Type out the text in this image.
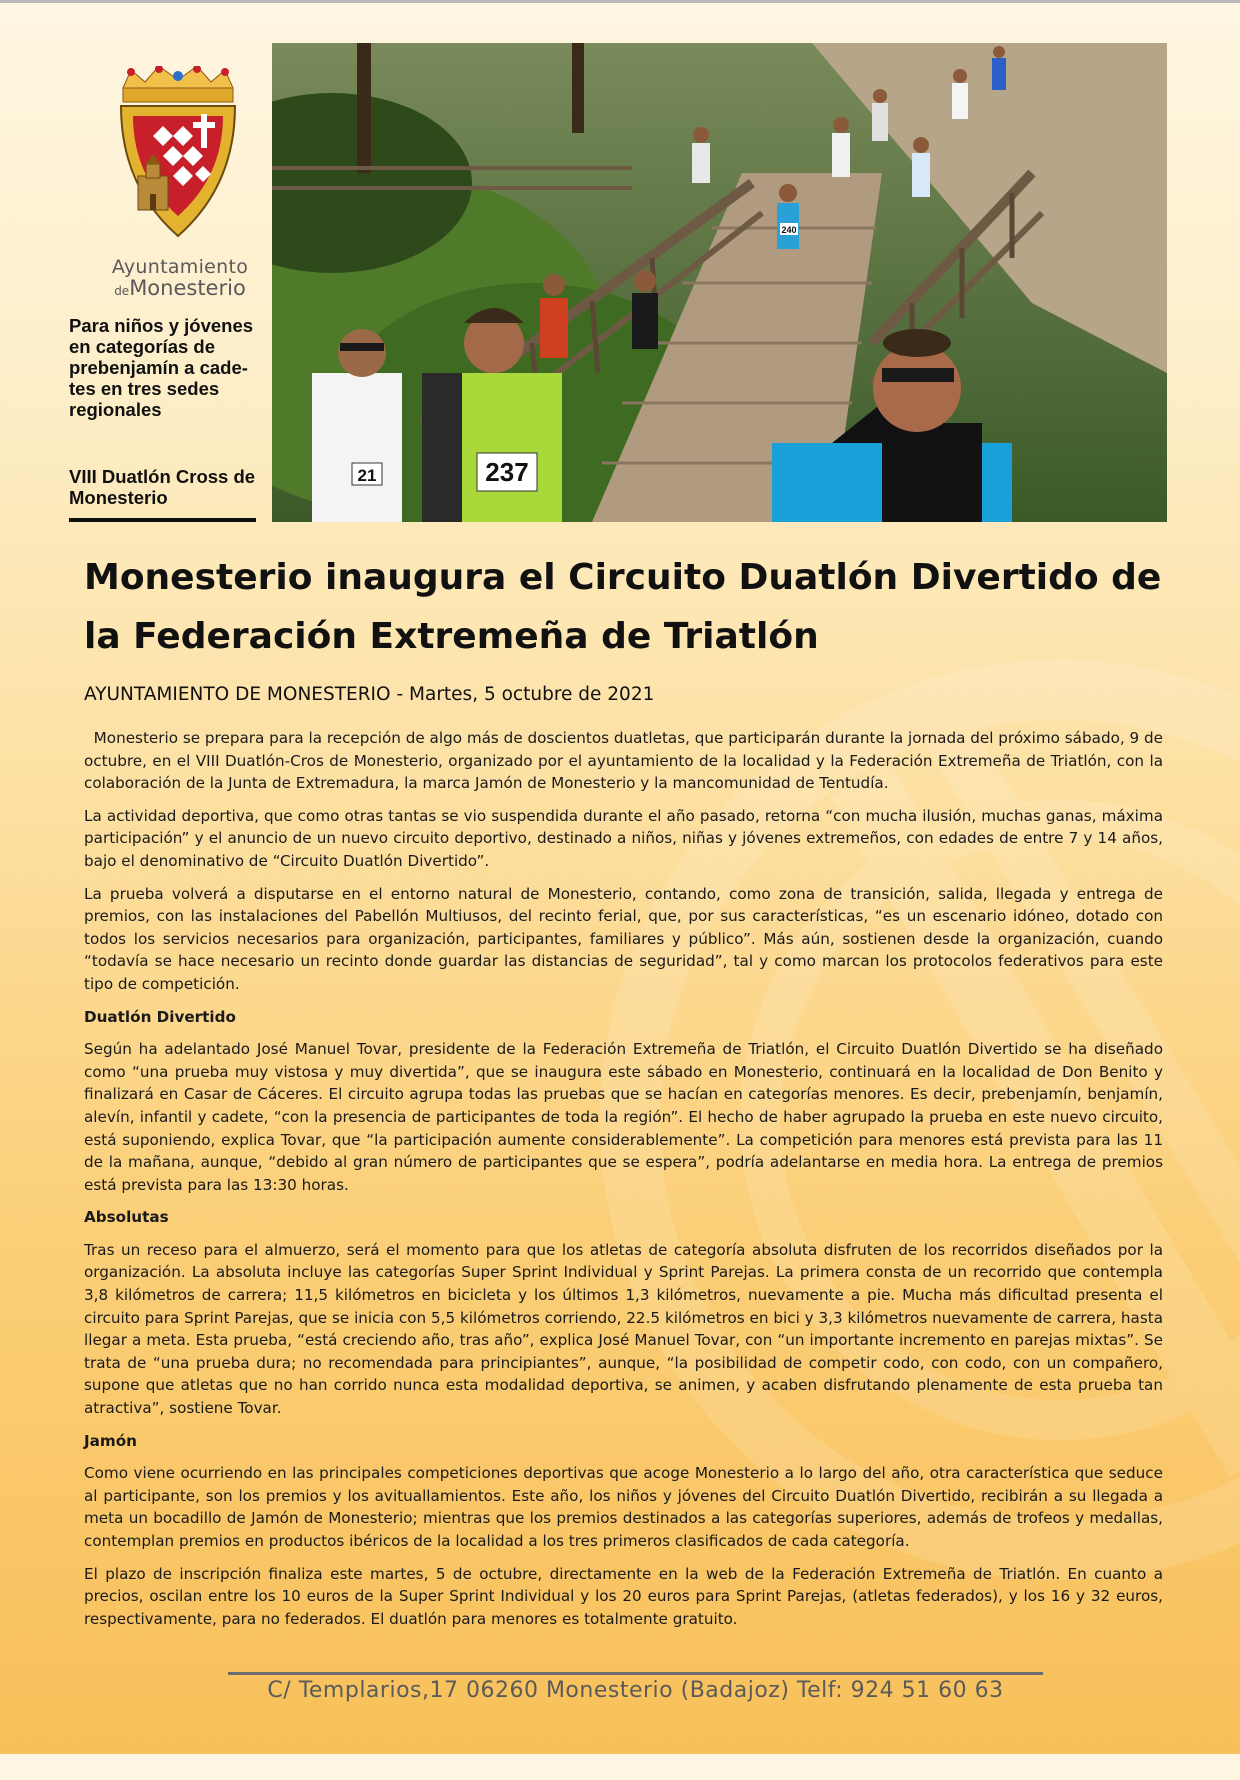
Ayuntamiento
deMonesterio
Para niños y jóvenes en categorías de prebenjamín a cade-tes en tres sedes regionales
VIII Duatlón Cross de Monesterio
240
21	237
Monesterio inaugura el Circuito Duatlón Divertido de la Federación Extremeña de Triatlón
AYUNTAMIENTO DE MONESTERIO - Martes, 5 octubre de 2021

Monesterio se prepara para la recepción de algo más de doscientos duatletas, que participarán durante la jornada del próximo sábado, 9 de octubre, en el VIII Duatlón-Cros de Monesterio, organizado por el ayuntamiento de la localidad y la Federación Extremeña de Triatlón, con la colaboración de la Junta de Extremadura, la marca Jamón de Monesterio y la mancomunidad de Tentudía.

La actividad deportiva, que como otras tantas se vio suspendida durante el año pasado, retorna “con mucha ilusión, muchas ganas, máxima participación” y el anuncio de un nuevo circuito deportivo, destinado a niños, niñas y jóvenes extremeños, con edades de entre 7 y 14 años, bajo el denominativo de “Circuito Duatlón Divertido”.

La prueba volverá a disputarse en el entorno natural de Monesterio, contando, como zona de transición, salida, llegada y entrega de premios, con las instalaciones del Pabellón Multiusos, del recinto ferial, que, por sus características, “es un escenario idóneo, dotado con todos los servicios necesarios para organización, participantes, familiares y público”. Más aún, sostienen desde la organización, cuando “todavía se hace necesario un recinto donde guardar las distancias de seguridad”, tal y como marcan los protocolos federativos para este tipo de competición.

Duatlón Divertido

Según ha adelantado José Manuel Tovar, presidente de la Federación Extremeña de Triatlón, el Circuito Duatlón Divertido se ha diseñado como “una prueba muy vistosa y muy divertida”, que se inaugura este sábado en Monesterio, continuará en la localidad de Don Benito y finalizará en Casar de Cáceres. El circuito agrupa todas las pruebas que se hacían en categorías menores. Es decir, prebenjamín, benjamín, alevín, infantil y cadete, “con la presencia de participantes de toda la región”. El hecho de haber agrupado la prueba en este nuevo circuito, está suponiendo, explica Tovar, que “la participación aumente considerablemente”. La competición para menores está prevista para las 11 de la mañana, aunque, “debido al gran número de participantes que se espera”, podría adelantarse en media hora. La entrega de premios está prevista para las 13:30 horas.

Absolutas

Tras un receso para el almuerzo, será el momento para que los atletas de categoría absoluta disfruten de los recorridos diseñados por la organización. La absoluta incluye las categorías Super Sprint Individual y Sprint Parejas. La primera consta de un recorrido que contempla 3,8 kilómetros de carrera; 11,5 kilómetros en bicicleta y los últimos 1,3 kilómetros, nuevamente a pie. Mucha más dificultad presenta el circuito para Sprint Parejas, que se inicia con 5,5 kilómetros corriendo, 22.5 kilómetros en bici y 3,3 kilómetros nuevamente de carrera, hasta llegar a meta. Esta prueba, “está creciendo año, tras año”, explica José Manuel Tovar, con “un importante incremento en parejas mixtas”. Se trata de “una prueba dura; no recomendada para principiantes”, aunque, “la posibilidad de competir codo, con codo, con un compañero, supone que atletas que no han corrido nunca esta modalidad deportiva, se animen, y acaben disfrutando plenamente de esta prueba tan atractiva”, sostiene Tovar.

Jamón

Como viene ocurriendo en las principales competiciones deportivas que acoge Monesterio a lo largo del año, otra característica que seduce al participante, son los premios y los avituallamientos. Este año, los niños y jóvenes del Circuito Duatlón Divertido, recibirán a su llegada a meta un bocadillo de Jamón de Monesterio; mientras que los premios destinados a las categorías superiores, además de trofeos y medallas, contemplan premios en productos ibéricos de la localidad a los tres primeros clasificados de cada categoría.

El plazo de inscripción finaliza este martes, 5 de octubre, directamente en la web de la Federación Extremeña de Triatlón. En cuanto a precios, oscilan entre los 10 euros de la Super Sprint Individual y los 20 euros para Sprint Parejas, (atletas federados), y los 16 y 32 euros, respectivamente, para no federados. El duatlón para menores es totalmente gratuito.

C/ Templarios,17 06260 Monesterio (Badajoz) Telf: 924 51 60 63
